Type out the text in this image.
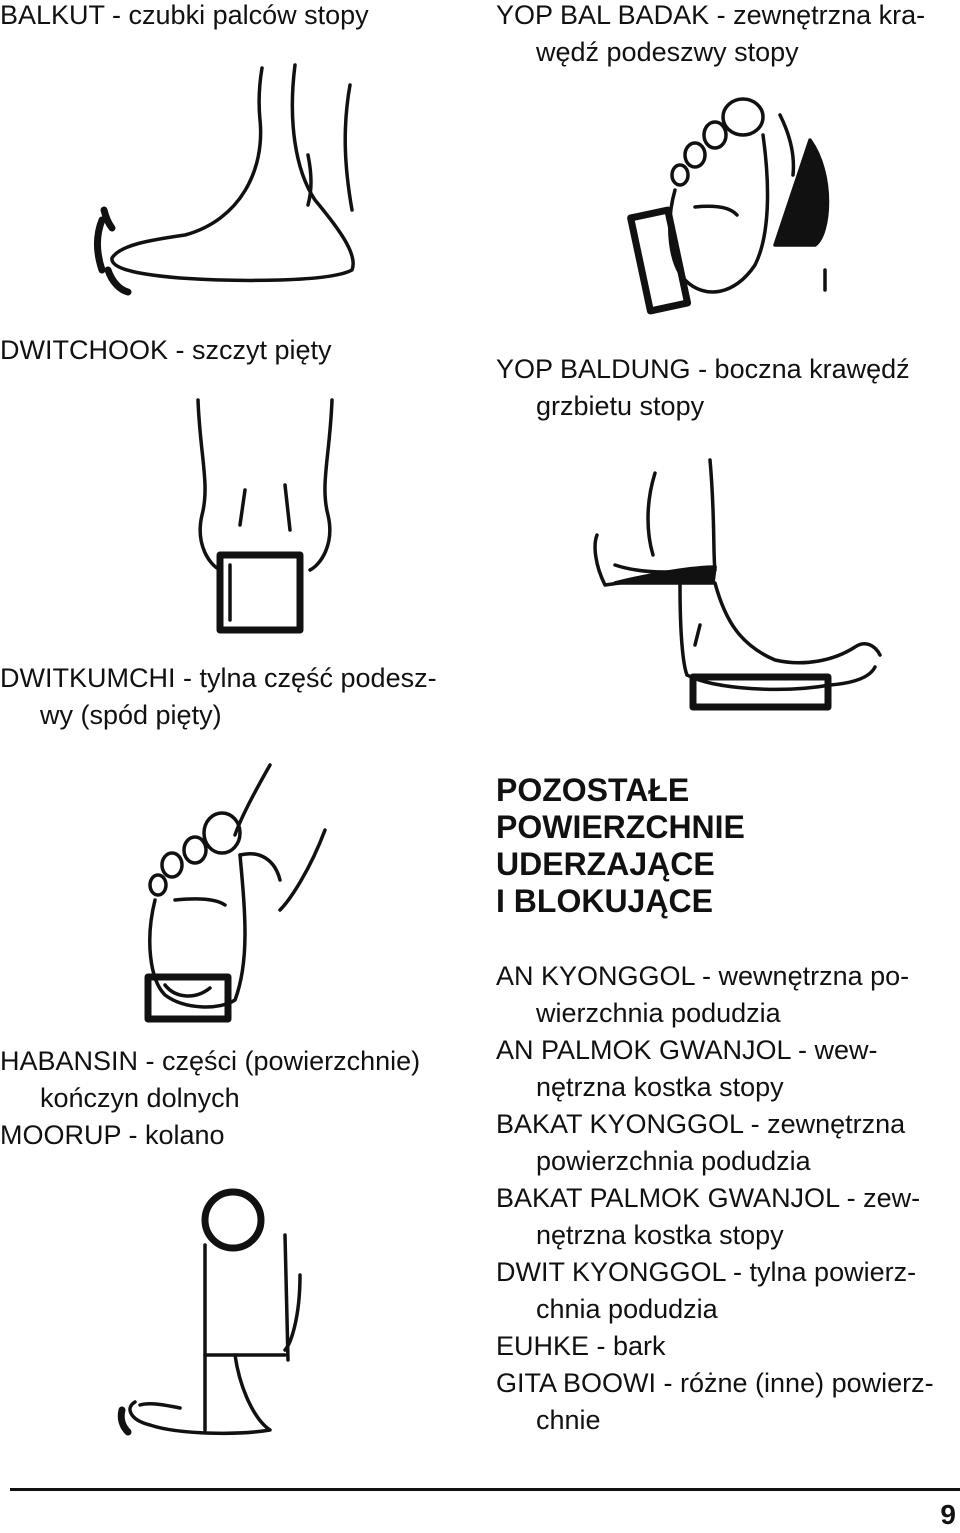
BALKUT - czubki palców stopy

DWITCHOOK - szczyt pięty

DWITKUMCHI - tylna część podesz-

wy (spód pięty)

HABANSIN - części (powierzchnie)

kończyn dolnych

MOORUP - kolano

YOP BAL BADAK - zewnętrzna kra-

wędź podeszwy stopy

YOP BALDUNG - boczna krawędź

grzbietu stopy

POZOSTAŁE
POWIERZCHNIE
UDERZAJĄCE
I BLOKUJĄCE
AN KYONGGOL - wewnętrzna po-
wierzchnia podudzia
AN PALMOK GWANJOL - wew-
nętrzna kostka stopy
BAKAT KYONGGOL - zewnętrzna
powierzchnia podudzia
BAKAT PALMOK GWANJOL - zew-
nętrzna kostka stopy
DWIT KYONGGOL - tylna powierz-
chnia podudzia
EUHKE - bark
GITA BOOWI - różne (inne) powierz-
chnie
9
